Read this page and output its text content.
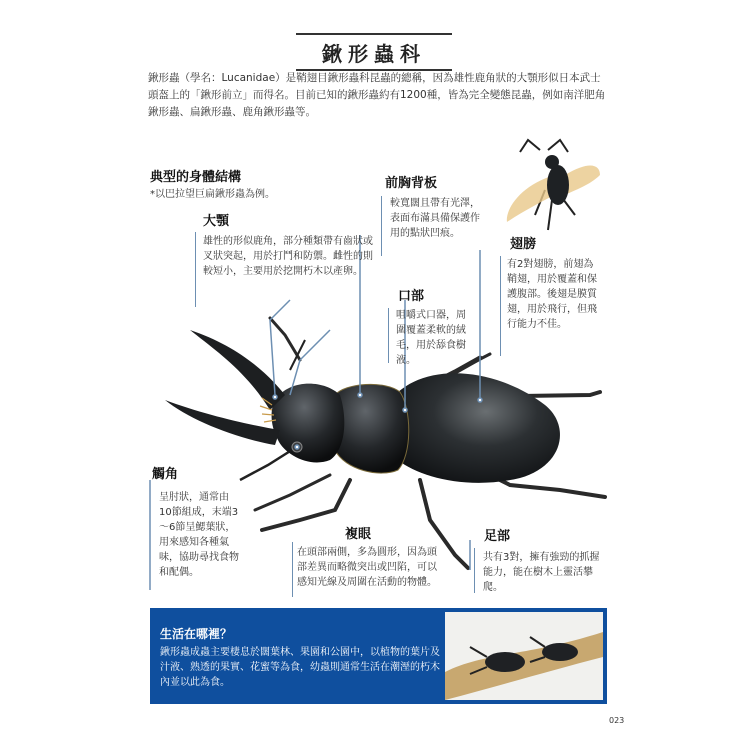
鍬形蟲科
鍬形蟲（學名：Lucanidae）是鞘翅目鍬形蟲科昆蟲的總稱，因為雄性鹿角狀的大顎形似日本武士頭盔上的「鍬形前立」而得名。目前已知的鍬形蟲約有1200種，皆為完全變態昆蟲，例如南洋肥角鍬形蟲、扁鍬形蟲、鹿角鍬形蟲等。
典型的身體結構
*以巴拉望巨扁鍬形蟲為例。
大顎
雄性的形似鹿角，部分種類帶有齒狀或叉狀突起，用於打鬥和防禦。雌性的則較短小，主要用於挖開朽木以產卵。
前胸背板
較寬闊且帶有光澤，表面布滿具備保護作用的點狀凹痕。
翅膀
有2對翅膀，前翅為鞘翅，用於覆蓋和保護腹部。後翅是膜質翅，用於飛行，但飛行能力不佳。
口部
咀嚼式口器，周圍覆蓋柔軟的絨毛，用於舔食樹液。
觸角
呈肘狀，通常由10節組成，末端3～6節呈鰓葉狀，用來感知各種氣味，協助尋找食物和配偶。
複眼
在頭部兩側，多為圓形，因為頭部差異而略微突出或凹陷，可以感知光線及周圍在活動的物體。
足部
共有3對，擁有強勁的抓握能力，能在樹木上靈活攀爬。
生活在哪裡？
鍬形蟲成蟲主要棲息於闊葉林、果園和公園中，以植物的葉片及汁液、熟透的果實、花蜜等為食，幼蟲則通常生活在潮溼的朽木內並以此為食。
023
